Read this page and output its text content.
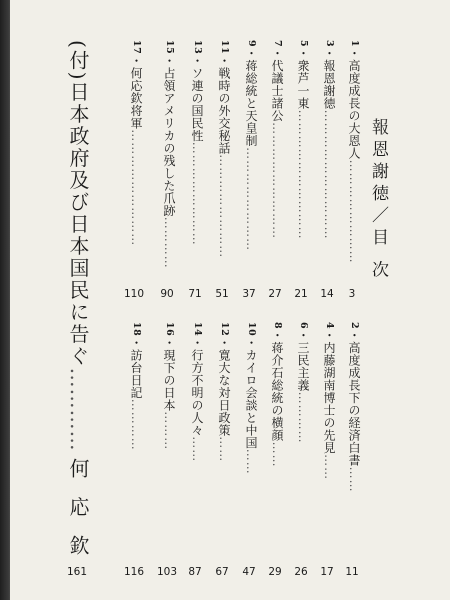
報恩謝徳／目 次
1・高度成長の大恩人……………………
3
3・報恩謝徳…………………………
14
5・衆芦一東…………………………
21
7・代議士諸公………………………
27
9・蒋総統と天皇制……………………
37
11・戦時の外交秘話……………………
51
13・ソ連の国民性……………………
71
15・占領アメリカの残した爪跡…………
90
17・何応欽将軍………………………
110
2・高度成長下の経済白書……
11
4・内藤湖南博士の先見……
17
6・三民主義…………
26
8・蒋介石総統の横顔……
29
10・カイロ会談と中国……
47
12・寛大な対日政策……
67
14・行方不明の人々……
87
16・現下の日本………
103
18・訪台日記…………
116
(付)日本政府及び日本国民に告ぐ…………
何 応 欽
161
